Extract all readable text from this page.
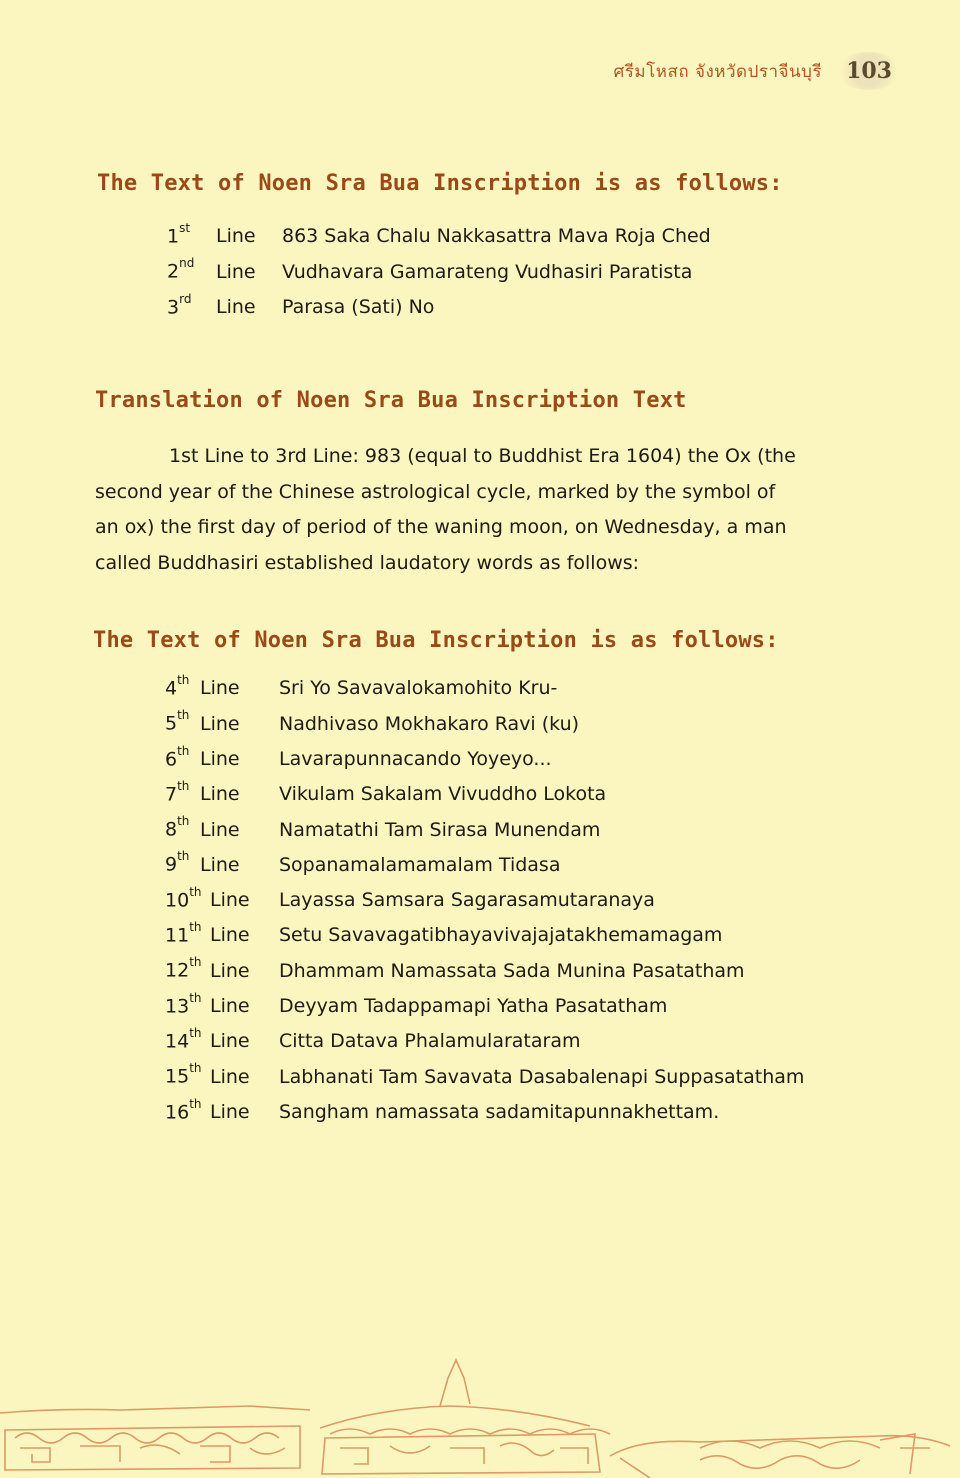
ศรีมโหสถ จังหวัดปราจีนบุรี	103
The Text of Noen Sra Bua Inscription is as follows:
1st	Line	863 Saka Chalu Nakkasattra Mava Roja Ched
2nd	Line	Vudhavara Gamarateng Vudhasiri Paratista
3rd	Line	Parasa (Sati) No
Translation of Noen Sra Bua Inscription Text
1st Line to 3rd Line: 983 (equal to Buddhist Era 1604) the Ox (the
second year of the Chinese astrological cycle, marked by the symbol of
an ox) the first day of period of the waning moon, on Wednesday, a man
called Buddhasiri established laudatory words as follows:
The Text of Noen Sra Bua Inscription is as follows:
4th Line	Sri Yo Savavalokamohito Kru-
5th Line	Nadhivaso Mokhakaro Ravi (ku)
6th Line	Lavarapunnacando Yoyeyo...
7th Line	Vikulam Sakalam Vivuddho Lokota
8th Line	Namatathi Tam Sirasa Munendam
9th Line	Sopanamalamamalam Tidasa
10th Line	Layassa Samsara Sagarasamutaranaya
11th Line	Setu Savavagatibhayavivajajatakhemamagam
12th Line	Dhammam Namassata Sada Munina Pasatatham
13th Line	Deyyam Tadappamapi Yatha Pasatatham
14th Line	Citta Datava Phalamularataram
15th Line	Labhanati Tam Savavata Dasabalenapi Suppasatatham
16th Line	Sangham namassata sadamitapunnakhettam.
